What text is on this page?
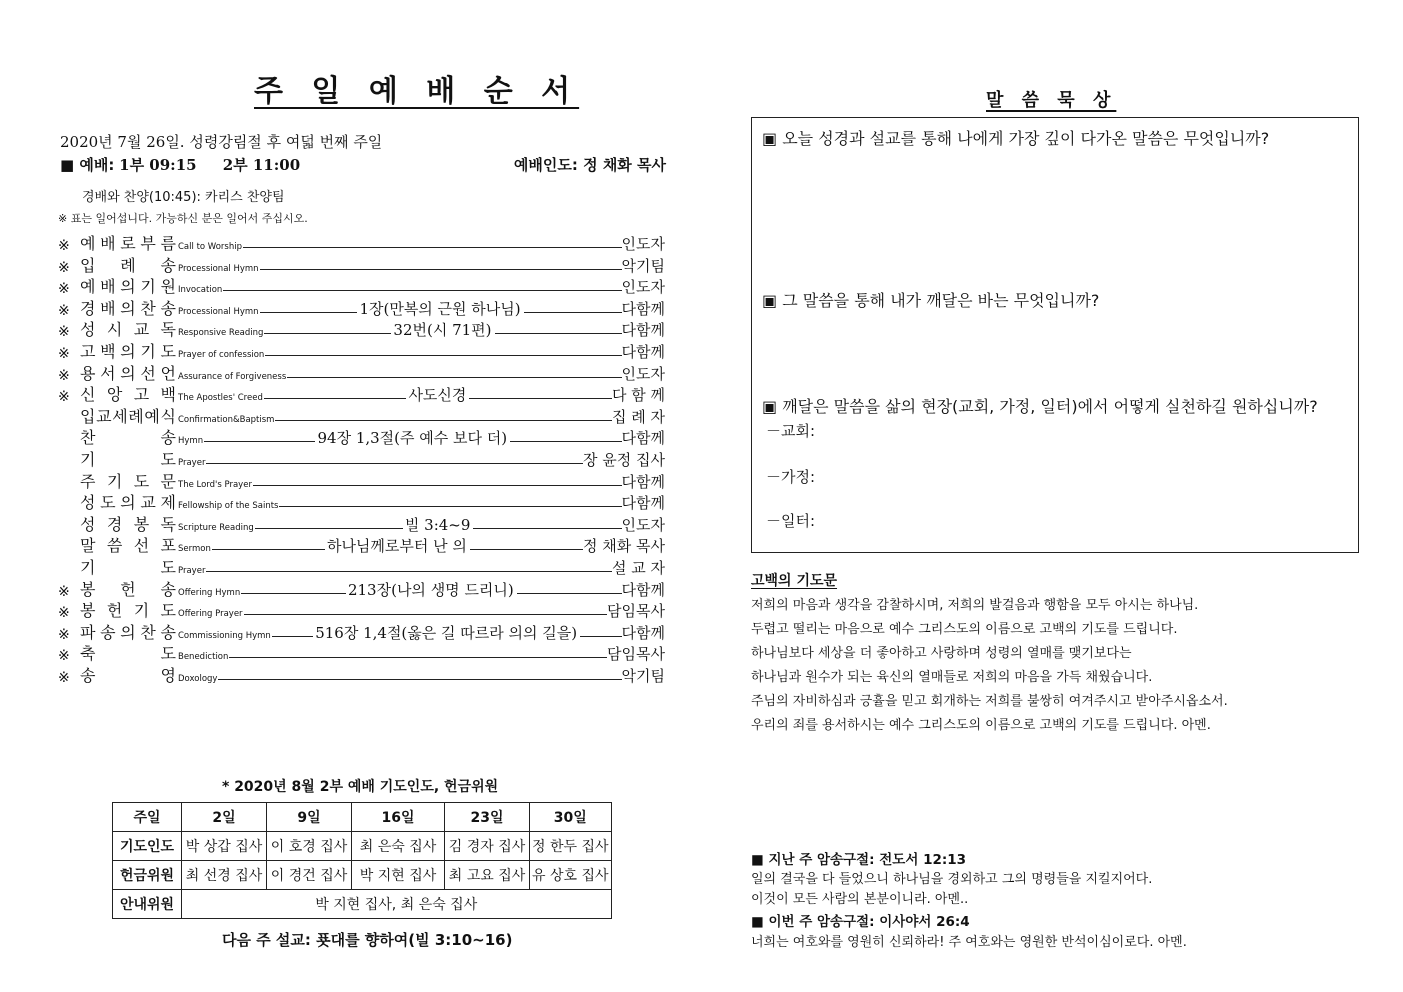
주 일 예 배 순 서
2020년 7월 26일. 성령강림절 후 여덟 번째 주일
■ 예배: 1부 09:15     2부 11:00	예배인도: 정 채화 목사
경배와 찬양(10:45): 카리스 찬양팀
※ 표는 일어섭니다. 가능하신 분은 일어서 주십시오.
※ 예 배 로 부 름 Call to Worship	인도자
※ 입 례 송 Processional Hymn	악기팀
※ 예 배 의 기 원 Invocation	인도자
※ 경 배 의 찬 송 Processional Hymn	1장(만복의 근원 하나님)	다함께
※ 성 시 교 독 Responsive Reading	32번(시 71편)	다함께
※ 고 백 의 기 도 Prayer of confession	다함께
※ 용 서 의 선 언 Assurance of Forgiveness	인도자
※ 신 앙 고 백 The Apostles' Creed	사도신경	다 함 께
입 교 세 례 예 식 Confirmation&Baptism	집 례 자
찬	송 Hymn	94장 1,3절(주 예수 보다 더)	다함께
기	도 Prayer	장 윤정 집사
주 기 도 문 The Lord's Prayer	다함께
성 도 의 교 제 Fellowship of the Saints	다함께
성 경 봉 독 Scripture Reading	빌 3:4~9	인도자
말 씀 선 포 Sermon	하나님께로부터 난 의	정 채화 목사
기	도 Prayer	설 교 자
※ 봉 헌 송 Offering Hymn	213장(나의 생명 드리니)	다함께
※ 봉 헌 기 도 Offering Prayer	담임목사
※ 파 송 의 찬 송 Commissioning Hymn	516장 1,4절(옳은 길 따르라 의의 길을)	다함께
※ 축	도 Benediction	담임목사
※ 송	영 Doxology	악기팀
* 2020년 8월 2부 예배 기도인도, 헌금위원
주일	2일	9일	16일	23일	30일
기도인도	박 상갑 집사	이 호경 집사	최 은숙 집사	김 경자 집사	정 한두 집사
헌금위원	최 선경 집사	이 경건 집사	박 지현 집사	최 고요 집사	유 상호 집사
안내위원	박 지현 집사, 최 은숙 집사				
다음 주 설교: 푯대를 향하여(빌 3:10~16)
말 씀 묵 상
▣ 오늘 성경과 설교를 통해 나에게 가장 깊이 다가온 말씀은 무엇입니까?
▣ 그 말씀을 통해 내가 깨달은 바는 무엇입니까?
▣ 깨달은 말씀을 삶의 현장(교회, 가정, 일터)에서 어떻게 실천하길 원하십니까?
－교회:
－가정:
－일터:
고백의 기도문
저희의 마음과 생각을 감찰하시며, 저희의 발걸음과 행함을 모두 아시는 하나님.
두렵고 떨리는 마음으로 예수 그리스도의 이름으로 고백의 기도를 드립니다.
하나님보다 세상을 더 좋아하고 사랑하며 성령의 열매를 맺기보다는
하나님과 원수가 되는 육신의 열매들로 저희의 마음을 가득 채웠습니다.
주님의 자비하심과 긍휼을 믿고 회개하는 저희를 불쌍히 여겨주시고 받아주시옵소서.
우리의 죄를 용서하시는 예수 그리스도의 이름으로 고백의 기도를 드립니다. 아멘.
■ 지난 주 암송구절: 전도서 12:13
일의 결국을 다 들었으니 하나님을 경외하고 그의 명령들을 지킬지어다.
이것이 모든 사람의 본분이니라. 아멘..
■ 이번 주 암송구절: 이사야서 26:4
너희는 여호와를 영원히 신뢰하라! 주 여호와는 영원한 반석이심이로다. 아멘.
